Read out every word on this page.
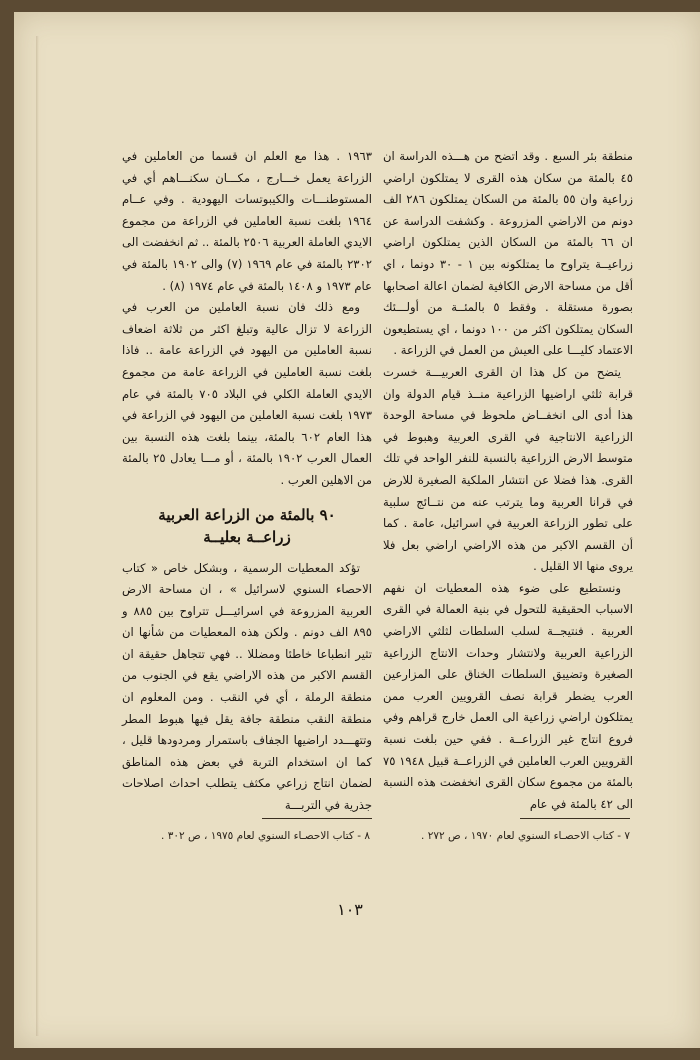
منطقة بئر السبع . وقد اتضح من هـــذه الدراسة ان ٤٥ بالمئة من سكان هذه القرى لا يمتلكون اراضي زراعية وان ٥٥ بالمئة من السكان يمتلكون ٢٨٦ الف دونم من الاراضي المزروعة . وكشفت الدراسة عن ان ٦٦ بالمئة من السكان الذين يمتلكون اراضي زراعيــة يتراوح ما يمتلكونه بين ١ - ٣٠ دونما ، اي أقل من مساحة الارض الكافية لضمان اعالة اصحابها بصورة مستقلة . وفقط ٥ بالمئــة من أولـــئك السكان يمتلكون اكثر من ١٠٠ دونما ، اي يستطيعون الاعتماد كليـــا على العيش من العمل في الزراعة .

يتضح من كل هذا ان القرى العربيـــة خسرت قرابة ثلثي اراضيها الزراعية منــذ قيام الدولة وان هذا أدى الى انخفــاض ملحوظ في مساحة الوحدة الزراعية الانتاجية في القرى العربية وهبوط في متوسط الارض الزراعية بالنسبة للنفر الواحد في تلك القرى. هذا فضلا عن انتشار الملكية الصغيرة للارض في قرانا العربية وما يترتب عنه من نتــائج سلبية على تطور الزراعة العربية في اسرائيل، عامة . كما أن القسم الاكبر من هذه الاراضي اراضي بعل فلا يروى منها الا القليل .

ونستطيع على ضوء هذه المعطيات ان نفهم الاسباب الحقيقية للتحول في بنية العمالة في القرى العربية . فنتيجــة لسلب السلطات لثلثي الاراضي الزراعية العربية ولانتشار وحدات الانتاج الزراعية الصغيرة وتضييق السلطات الخناق على المزارعين العرب يضطر قرابة نصف القرويين العرب ممن يمتلكون اراضي زراعية الى العمل خارج قراهم وفي فروع انتاج غير الزراعــة . ففي حين بلغت نسبة القرويين العرب العاملين في الزراعــة قبيل ١٩٤٨ ٧٥ بالمئة من مجموع سكان القرى انخفضت هذه النسبة الى ٤٢ بالمئة في عام

١٩٦٣ . هذا مع العلم ان قسما من العاملين في الزراعة يعمل خـــارج ، مكـــان سكنـــاهم أي في المستوطنـــات والكيبوتسات اليهودية . وفي عــام ١٩٦٤ بلغت نسبة العاملين في الزراعة من مجموع الايدي العاملة العربية ٢٥٠٦ بالمئة .. ثم انخفضت الى ٢٣٠٢ بالمئة في عام ١٩٦٩ (٧) والى ١٩٠٢ بالمئة في عام ١٩٧٣ و ١٤٠٨ بالمئة في عام ١٩٧٤ (٨) .

ومع ذلك فان نسبة العاملين من العرب في الزراعة لا تزال عالية وتبلغ اكثر من ثلاثة اضعاف نسبة العاملين من اليهود في الزراعة عامة .. فاذا بلغت نسبة العاملين في الزراعة عامة من مجموع الايدي العاملة الكلي في البلاد ٧٠٥ بالمئة في عام ١٩٧٣ بلغت نسبة العاملين من اليهود في الزراعة في هذا العام ٦٠٢ بالمئة، بينما بلغت هذه النسبة بين العمال العرب ١٩٠٢ بالمئة ، أو مـــا يعادل ٢٥ بالمئة من الاهلين العرب .

٩٠ بالمئة من الزراعة العربية
زراعــة بعليــة

تؤكد المعطيات الرسمية ، وبشكل خاص « كتاب الاحصاء السنوي لاسرائيل » ، ان مساحة الارض العربية المزروعة في اسرائيـــل تتراوح بين ٨٨٥ و ٨٩٥ الف دونم . ولكن هذه المعطيات من شأنها ان تثير انطباعا خاطئا ومضللا .. فهي تتجاهل حقيقة ان القسم الاكبر من هذه الاراضي يقع في الجنوب من منطقة الرملة ، أي في النقب . ومن المعلوم ان منطقة النقب منطقة جافة يقل فيها هبوط المطر وتتهـــدد اراضيها الجفاف باستمرار ومردودها قليل ، كما ان استخدام التربة في بعض هذه المناطق لضمان انتاج زراعي مكثف يتطلب احداث اصلاحات جذرية في التربـــة

٧ - كتاب الاحصـاء السنوي لعام ١٩٧٠ ، ص ٢٧٢ .
٨ - كتاب الاحصـاء السنوي لعام ١٩٧٥ ، ص ٣٠٢ .
١٠٣
